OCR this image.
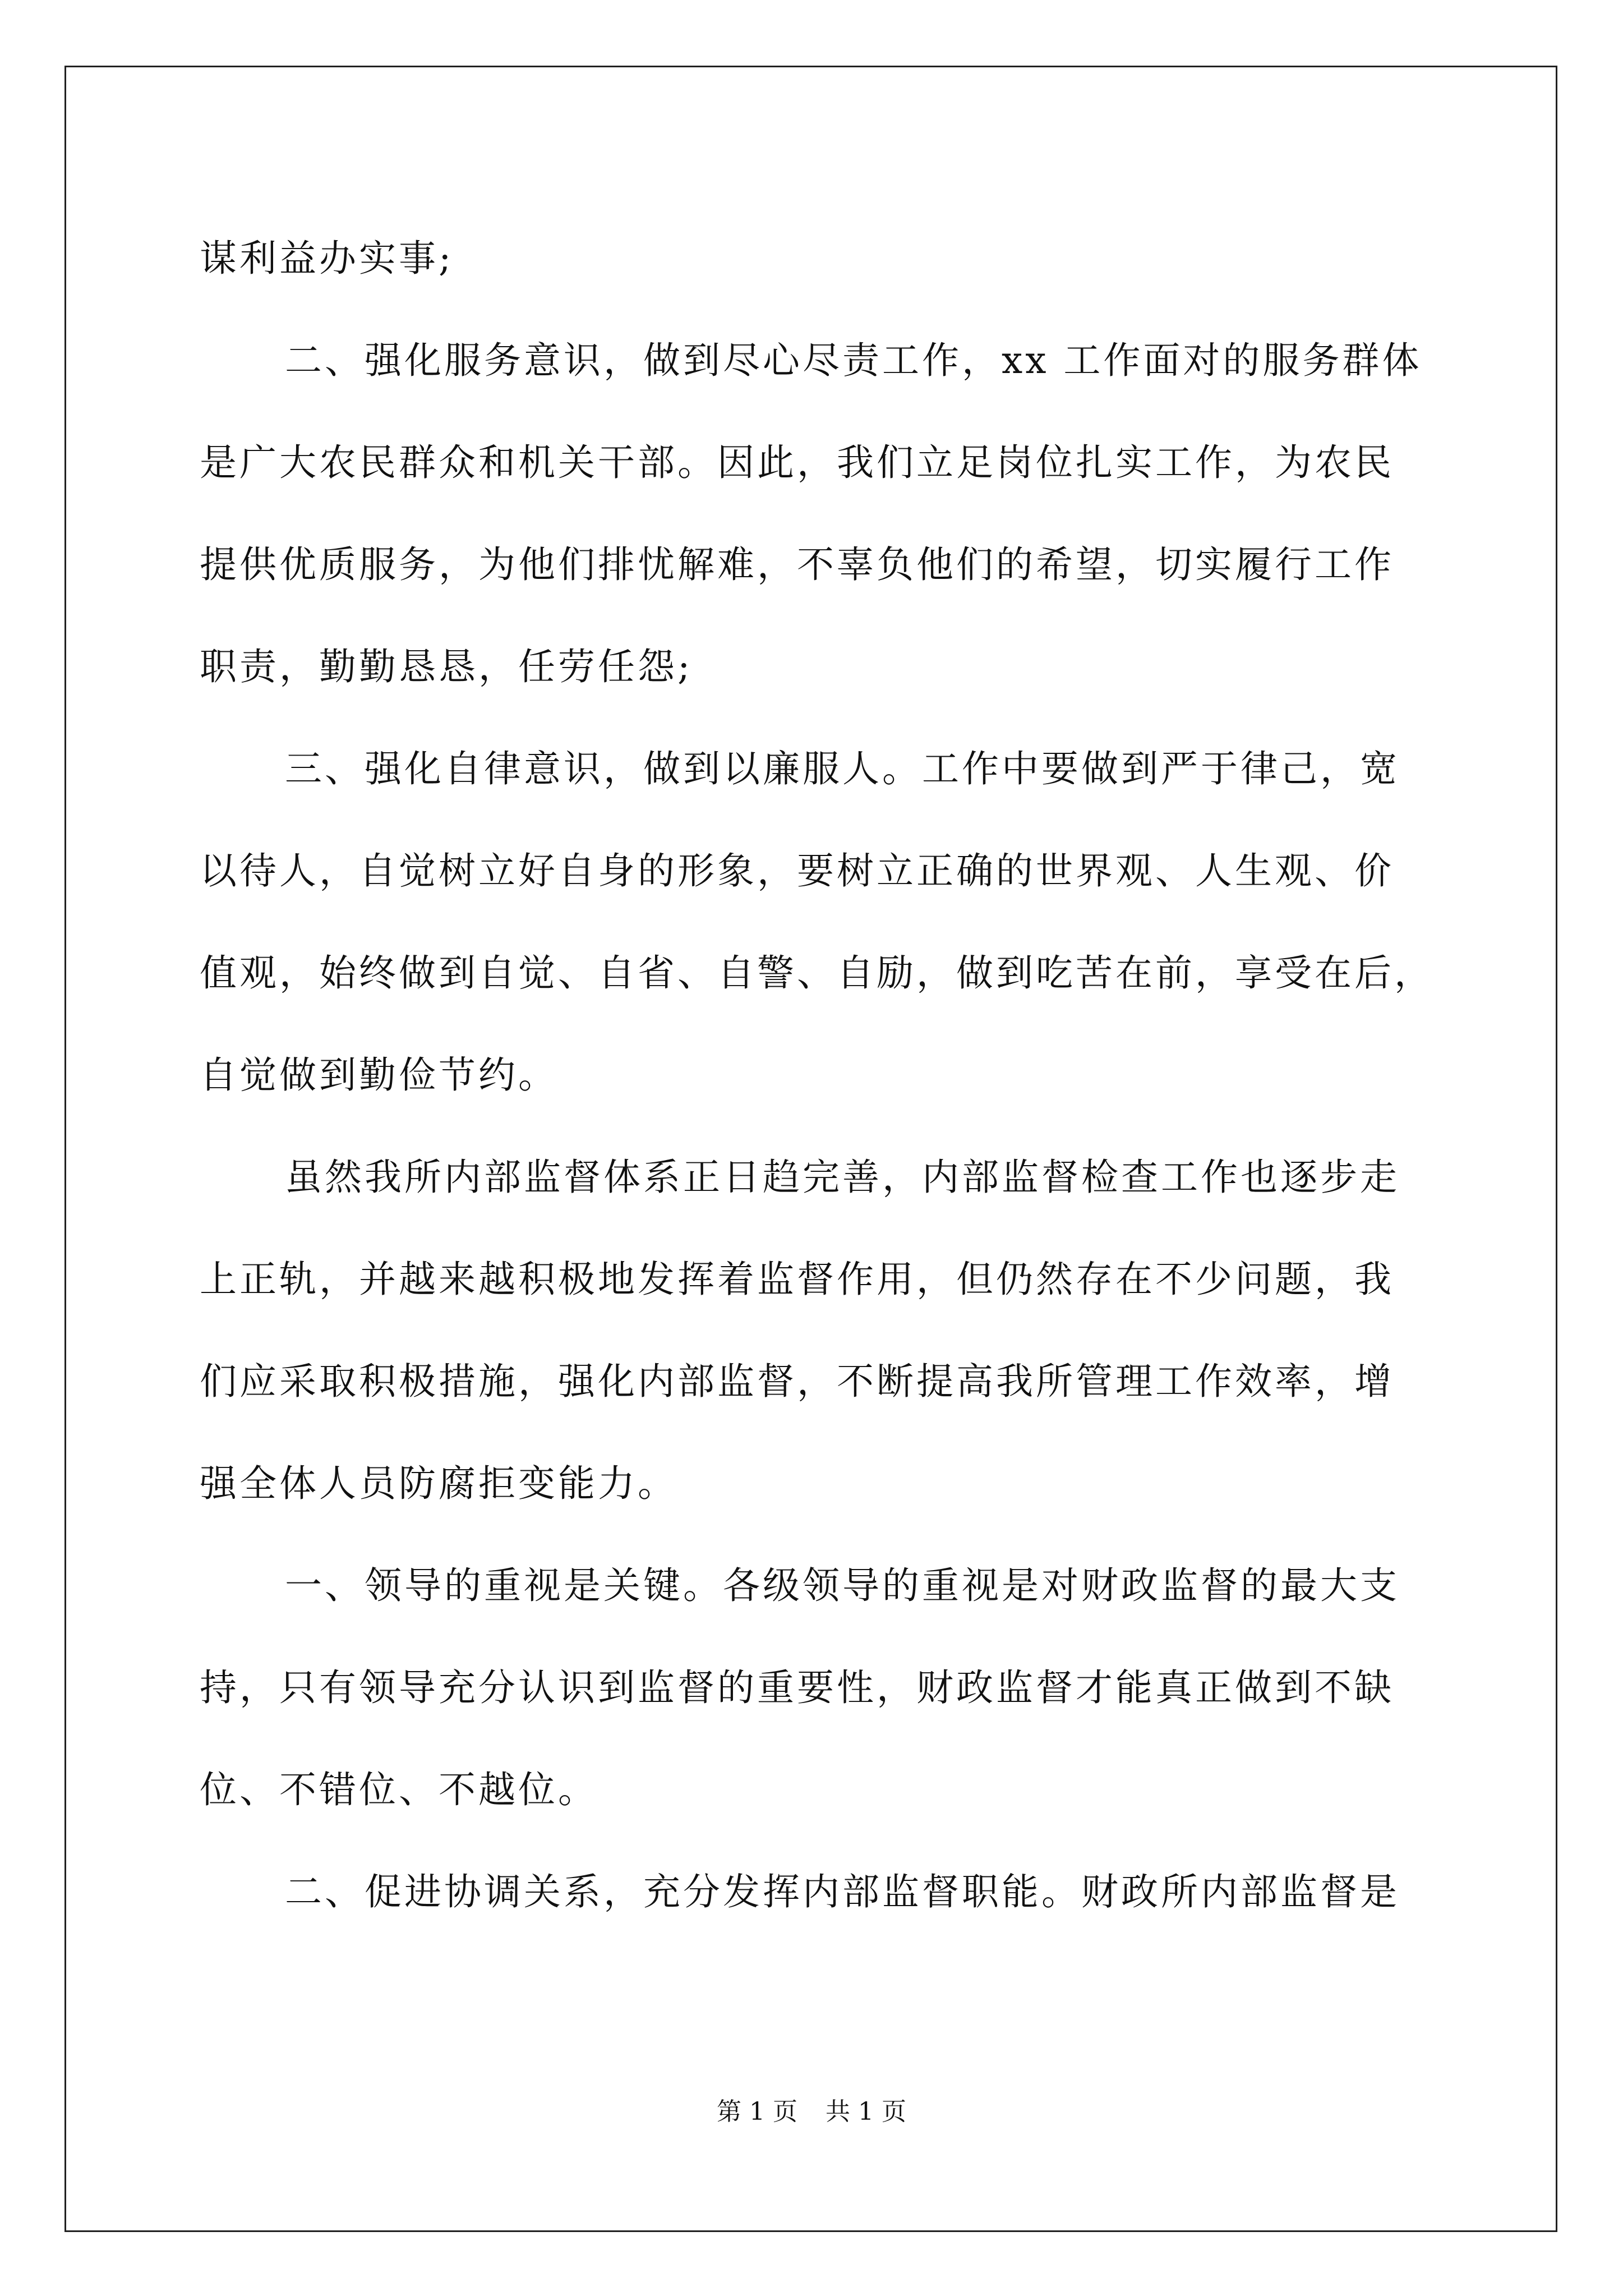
谋利益办实事;
二、强化服务意识，做到尽心尽责工作，xx 工作面对的服务群体
是广大农民群众和机关干部。因此，我们立足岗位扎实工作，为农民
提供优质服务，为他们排忧解难，不辜负他们的希望，切实履行工作
职责，勤勤恳恳，任劳任怨;
三、强化自律意识，做到以廉服人。工作中要做到严于律己，宽
以待人，自觉树立好自身的形象，要树立正确的世界观、人生观、价
值观，始终做到自觉、自省、自警、自励，做到吃苦在前，享受在后，
自觉做到勤俭节约。
虽然我所内部监督体系正日趋完善，内部监督检查工作也逐步走
上正轨，并越来越积极地发挥着监督作用，但仍然存在不少问题，我
们应采取积极措施，强化内部监督，不断提高我所管理工作效率，增
强全体人员防腐拒变能力。
一、领导的重视是关键。各级领导的重视是对财政监督的最大支
持，只有领导充分认识到监督的重要性，财政监督才能真正做到不缺
位、不错位、不越位。
二、促进协调关系，充分发挥内部监督职能。财政所内部监督是
第 1 页 共 1 页
